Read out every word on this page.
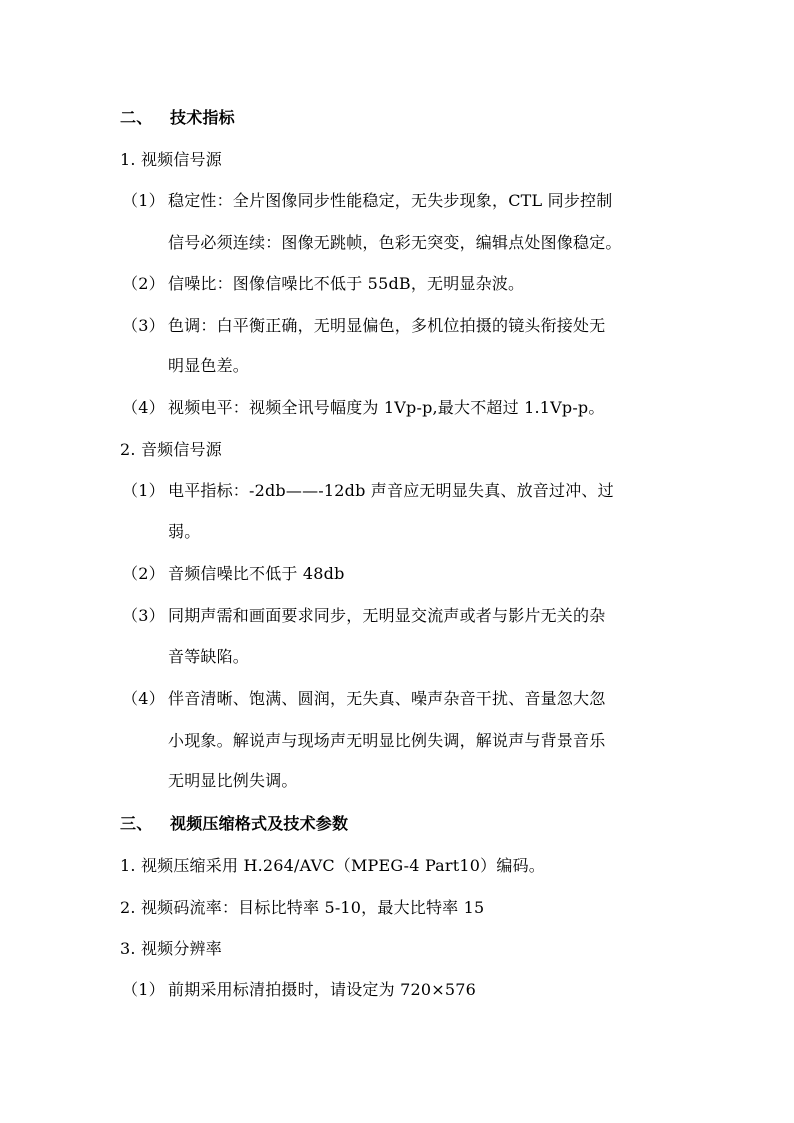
二、 技术指标
1. 视频信号源
（1） 稳定性：全片图像同步性能稳定，无失步现象，CTL 同步控制
信号必须连续：图像无跳帧，色彩无突变，编辑点处图像稳定。
（2） 信噪比：图像信噪比不低于 55dB，无明显杂波。
（3） 色调：白平衡正确，无明显偏色，多机位拍摄的镜头衔接处无
明显色差。
（4） 视频电平：视频全讯号幅度为 1Vp-p,最大不超过 1.1Vp-p。
2. 音频信号源
（1） 电平指标：-2db——-12db 声音应无明显失真、放音过冲、过
弱。
（2） 音频信噪比不低于 48db
（3） 同期声需和画面要求同步，无明显交流声或者与影片无关的杂
音等缺陷。
（4） 伴音清晰、饱满、圆润，无失真、噪声杂音干扰、音量忽大忽
小现象。解说声与现场声无明显比例失调，解说声与背景音乐
无明显比例失调。
三、 视频压缩格式及技术参数
1. 视频压缩采用 H.264/AVC（MPEG-4 Part10）编码。
2. 视频码流率：目标比特率 5-10，最大比特率 15
3. 视频分辨率
（1） 前期采用标清拍摄时，请设定为 720×576
